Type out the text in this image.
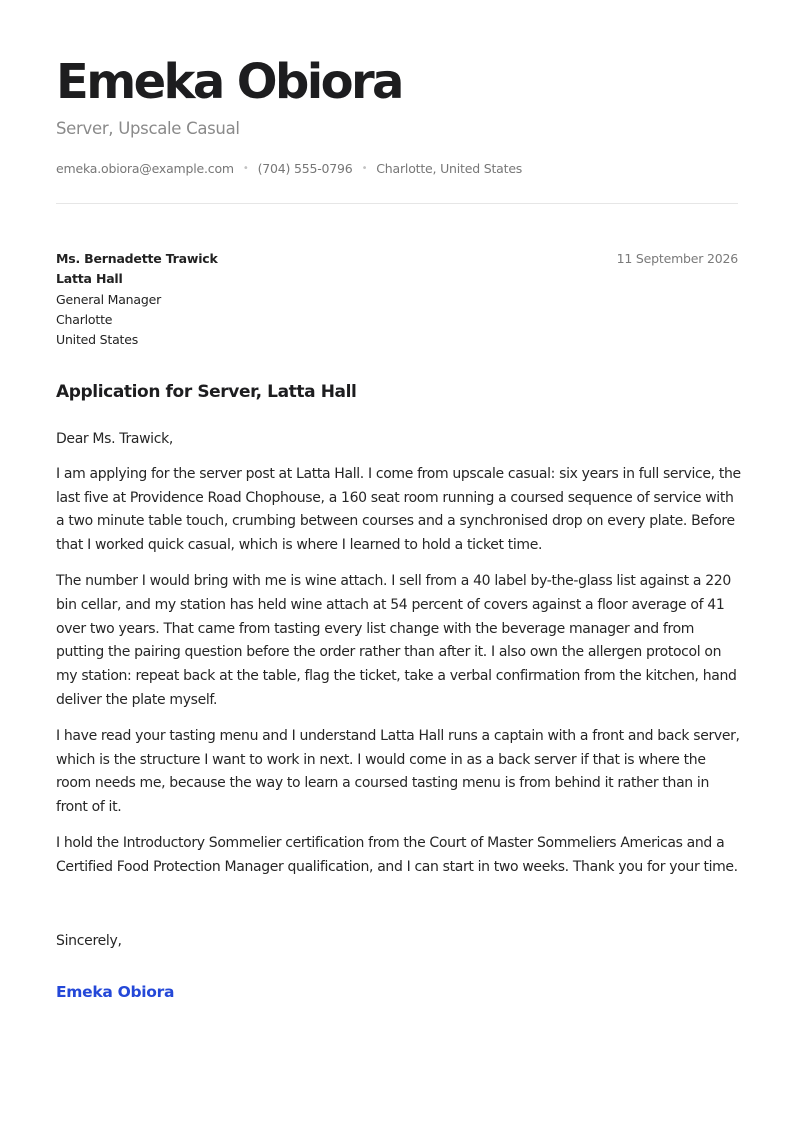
Emeka Obiora
Server, Upscale Casual
emeka.obiora@example.com • (704) 555-0796 • Charlotte, United States
Ms. Bernadette Trawick
Latta Hall
General Manager
Charlotte
United States
11 September 2026
Application for Server, Latta Hall

Dear Ms. Trawick,

I am applying for the server post at Latta Hall. I come from upscale casual: six years in full service, the last five at Providence Road Chophouse, a 160 seat room running a coursed sequence of service with a two minute table touch, crumbing between courses and a synchronised drop on every plate. Before that I worked quick casual, which is where I learned to hold a ticket time.

The number I would bring with me is wine attach. I sell from a 40 label by-the-glass list against a 220 bin cellar, and my station has held wine attach at 54 percent of covers against a floor average of 41 over two years. That came from tasting every list change with the beverage manager and from putting the pairing question before the order rather than after it. I also own the allergen protocol on my station: repeat back at the table, flag the ticket, take a verbal confirmation from the kitchen, hand deliver the plate myself.

I have read your tasting menu and I understand Latta Hall runs a captain with a front and back server, which is the structure I want to work in next. I would come in as a back server if that is where the room needs me, because the way to learn a coursed tasting menu is from behind it rather than in front of it.

I hold the Introductory Sommelier certification from the Court of Master Sommeliers Americas and a Certified Food Protection Manager qualification, and I can start in two weeks. Thank you for your time.

Sincerely,
Emeka Obiora
